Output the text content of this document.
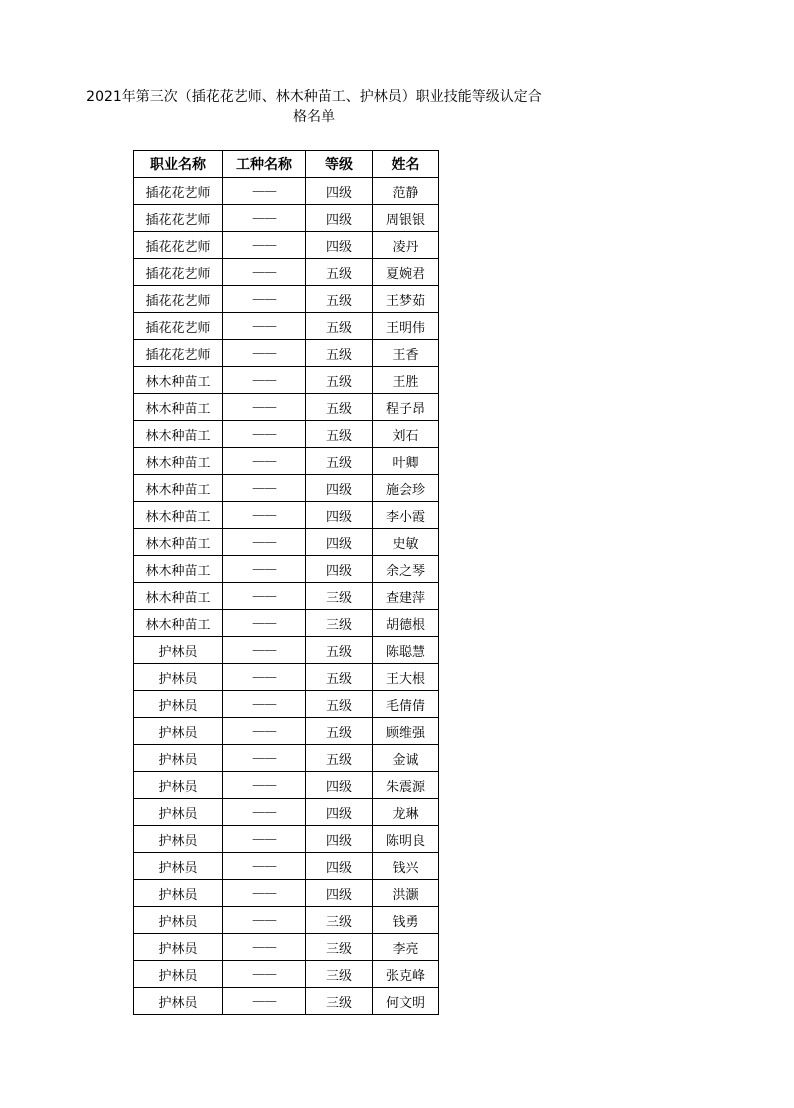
2021年第三次（插花花艺师、林木种苗工、护林员）职业技能等级认定合
格名单
职业名称	工种名称	等级	姓名
插花花艺师	——	四级	范静
插花花艺师	——	四级	周银银
插花花艺师	——	四级	凌丹
插花花艺师	——	五级	夏婉君
插花花艺师	——	五级	王梦茹
插花花艺师	——	五级	王明伟
插花花艺师	——	五级	王香
林木种苗工	——	五级	王胜
林木种苗工	——	五级	程子昂
林木种苗工	——	五级	刘石
林木种苗工	——	五级	叶卿
林木种苗工	——	四级	施会珍
林木种苗工	——	四级	李小霞
林木种苗工	——	四级	史敏
林木种苗工	——	四级	余之琴
林木种苗工	——	三级	查建萍
林木种苗工	——	三级	胡德根
护林员	——	五级	陈聪慧
护林员	——	五级	王大根
护林员	——	五级	毛倩倩
护林员	——	五级	顾维强
护林员	——	五级	金诚
护林员	——	四级	朱震源
护林员	——	四级	龙琳
护林员	——	四级	陈明良
护林员	——	四级	钱兴
护林员	——	四级	洪灏
护林员	——	三级	钱勇
护林员	——	三级	李亮
护林员	——	三级	张克峰
护林员	——	三级	何文明
